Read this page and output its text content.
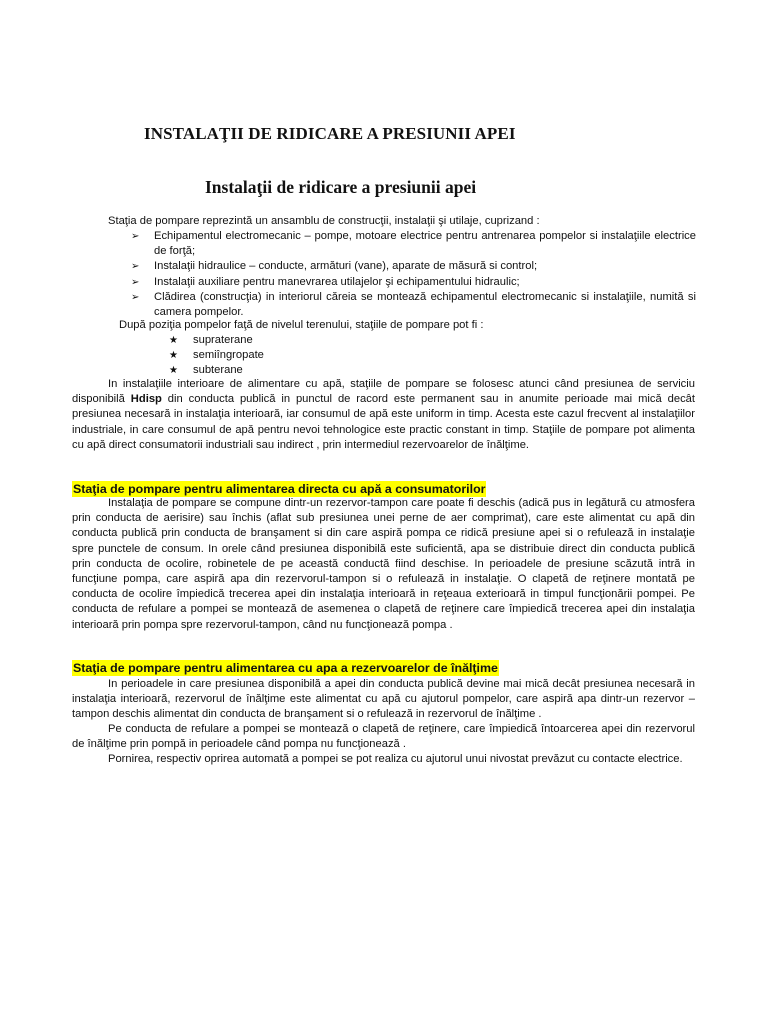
INSTALAŢII DE RIDICARE A PRESIUNII APEI
Instalaţii de ridicare a presiunii apei
Staţia de pompare reprezintă un ansamblu de construcţii, instalaţii şi utilaje, cuprizand :
➢ Echipamentul electromecanic – pompe, motoare electrice pentru antrenarea pompelor si instalaţiile electrice de forţă;
➢ Instalaţii hidraulice – conducte, armături (vane), aparate de măsură si control;
➢ Instalaţii auxiliare pentru manevrarea utilajelor şi echipamentului hidraulic;
➢ Clădirea (construcţia) in interiorul căreia se montează echipamentul electromecanic si instalaţiile, numită si camera pompelor.
După poziţia pompelor faţă de nivelul terenului, staţiile de pompare pot fi :
★ supraterane
★ semiîngropate
★ subterane

In instalaţiile interioare de alimentare cu apă, staţiile de pompare se folosesc atunci când presiunea de serviciu disponibilă Hdisp din conducta publică in punctul de racord este permanent sau in anumite perioade mai mică decât presiunea necesară in instalaţia interioară, iar consumul de apă este uniform in timp. Acesta este cazul frecvent al instalaţiilor industriale, in care consumul de apă pentru nevoi tehnologice este practic constant in timp. Staţiile de pompare pot alimenta cu apă direct consumatorii industriali sau indirect , prin intermediul rezervoarelor de înălţime.

Staţia de pompare pentru alimentarea directa cu apă a consumatorilor

Instalaţia de pompare se compune dintr-un rezervor-tampon care poate fi deschis (adică pus in legătură cu atmosfera prin conducta de aerisire) sau închis (aflat sub presiunea unei perne de aer comprimat), care este alimentat cu apă din conducta publică prin conducta de branşament si din care aspiră pompa ce ridică presiune apei si o refulează in instalaţie spre punctele de consum. In orele când presiunea disponibilă este suficientă, apa se distribuie direct din conducta publică prin conducta de ocolire, robinetele de pe această conductă fiind deschise. In perioadele de presiune scăzută intră in funcţiune pompa, care aspiră apa din rezervorul-tampon si o refulează in instalaţie. O clapetă de reţinere montată pe conducta de ocolire împiedică trecerea apei din instalaţia interioară in reţeaua exterioară in timpul funcţionării pompei. Pe conducta de refulare a pompei se montează de asemenea o clapetă de reţinere care împiedică trecerea apei din instalaţia interioară prin pompa spre rezervorul-tampon, când nu funcţionează pompa .

Staţia de pompare pentru alimentarea cu apa a rezervoarelor de înălţime

In perioadele in care presiunea disponibilă a apei din conducta publică devine mai mică decât presiunea necesară in instalaţia interioară, rezervorul de înălţime este alimentat cu apă cu ajutorul pompelor, care aspiră apa dintr-un rezervor – tampon deschis alimentat din conducta de branşament si o refulează in rezervorul de înălţime .

Pe conducta de refulare a pompei se montează o clapetă de reţinere, care împiedică întoarcerea apei din rezervorul de înălţime prin pompă in perioadele când pompa nu funcţionează .

Pornirea, respectiv oprirea automată a pompei se pot realiza cu ajutorul unui nivostat prevăzut cu contacte electrice.
